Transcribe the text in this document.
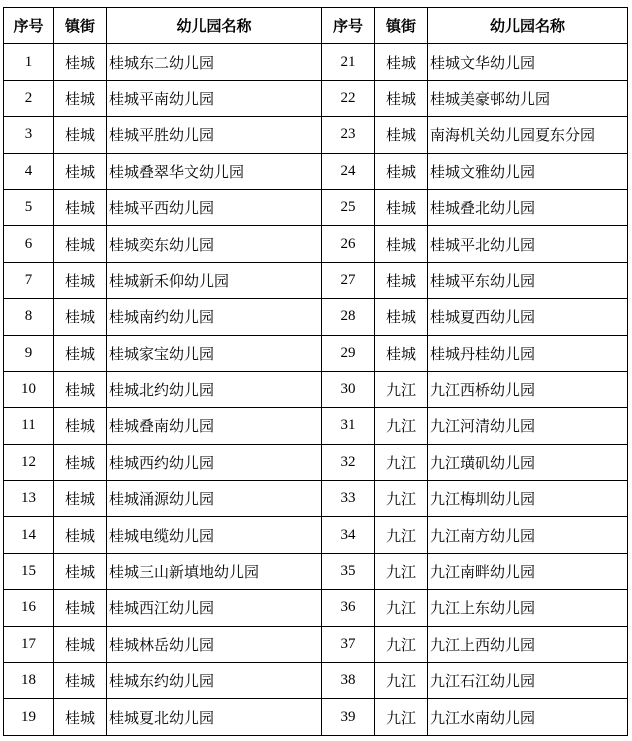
序号	镇街	幼儿园名称	序号	镇街	幼儿园名称
1	桂城	桂城东二幼儿园	21	桂城	桂城文华幼儿园
2	桂城	桂城平南幼儿园	22	桂城	桂城美豪邨幼儿园
3	桂城	桂城平胜幼儿园	23	桂城	南海机关幼儿园夏东分园
4	桂城	桂城叠翠华文幼儿园	24	桂城	桂城文雅幼儿园
5	桂城	桂城平西幼儿园	25	桂城	桂城叠北幼儿园
6	桂城	桂城奕东幼儿园	26	桂城	桂城平北幼儿园
7	桂城	桂城新禾仰幼儿园	27	桂城	桂城平东幼儿园
8	桂城	桂城南约幼儿园	28	桂城	桂城夏西幼儿园
9	桂城	桂城家宝幼儿园	29	桂城	桂城丹桂幼儿园
10	桂城	桂城北约幼儿园	30	九江	九江西桥幼儿园
11	桂城	桂城叠南幼儿园	31	九江	九江河清幼儿园
12	桂城	桂城西约幼儿园	32	九江	九江璜矶幼儿园
13	桂城	桂城涌源幼儿园	33	九江	九江梅圳幼儿园
14	桂城	桂城电缆幼儿园	34	九江	九江南方幼儿园
15	桂城	桂城三山新填地幼儿园	35	九江	九江南畔幼儿园
16	桂城	桂城西江幼儿园	36	九江	九江上东幼儿园
17	桂城	桂城林岳幼儿园	37	九江	九江上西幼儿园
18	桂城	桂城东约幼儿园	38	九江	九江石江幼儿园
19	桂城	桂城夏北幼儿园	39	九江	九江水南幼儿园
